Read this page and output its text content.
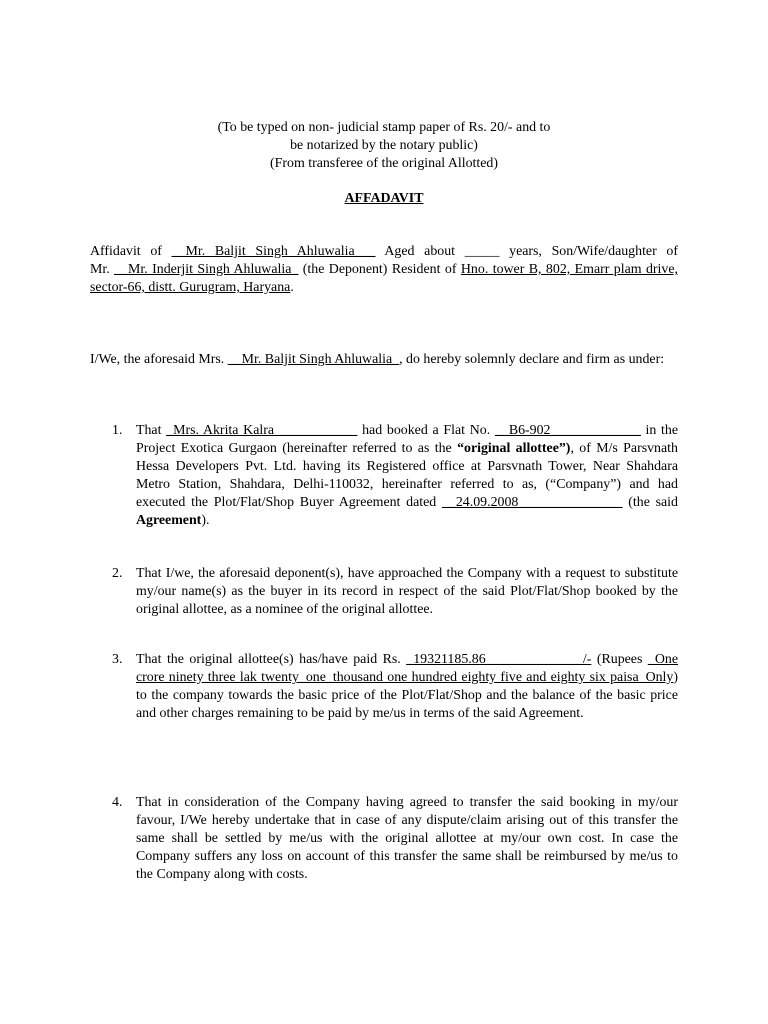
(To be typed on non- judicial stamp paper of Rs. 20/- and to
be notarized by the notary public)
(From transferee of the original Allotted)
AFFADAVIT
Affidavit of __Mr. Baljit Singh Ahluwalia___ Aged about _____ years, Son/Wife/daughter of
Mr. __Mr. Inderjit Singh Ahluwalia_ (the Deponent) Resident of Hno. tower B, 802, Emarr plam drive, sector-66, distt. Gurugram, Haryana.
I/We, the aforesaid Mrs. __Mr. Baljit Singh Ahluwalia_, do hereby solemnly declare and firm as under:
1. That _Mrs. Akrita Kalra____________ had booked a Flat No. __B6-902_____________ in the Project Exotica Gurgaon (hereinafter referred to as the “original allottee”), of M/s Parsvnath Hessa Developers Pvt. Ltd. having its Registered office at Parsvnath Tower, Near Shahdara Metro Station, Shahdara, Delhi-110032, hereinafter referred to as, (“Company”) and had executed the Plot/Flat/Shop Buyer Agreement dated __24.09.2008_______________ (the said Agreement).
2. That I/we, the aforesaid deponent(s), have approached the Company with a request to substitute my/our name(s) as the buyer in its record in respect of the said Plot/Flat/Shop booked by the original allottee, as a nominee of the original allottee.
3. That the original allottee(s) has/have paid Rs. _19321185.86______________/- (Rupees _One crore ninety three lak twenty_one_thousand one hundred eighty five and eighty six paisa_Only) to the company towards the basic price of the Plot/Flat/Shop and the balance of the basic price and other charges remaining to be paid by me/us in terms of the said Agreement.
4. That in consideration of the Company having agreed to transfer the said booking in my/our favour, I/We hereby undertake that in case of any dispute/claim arising out of this transfer the same shall be settled by me/us with the original allottee at my/our own cost. In case the Company suffers any loss on account of this transfer the same shall be reimbursed by me/us to the Company along with costs.
